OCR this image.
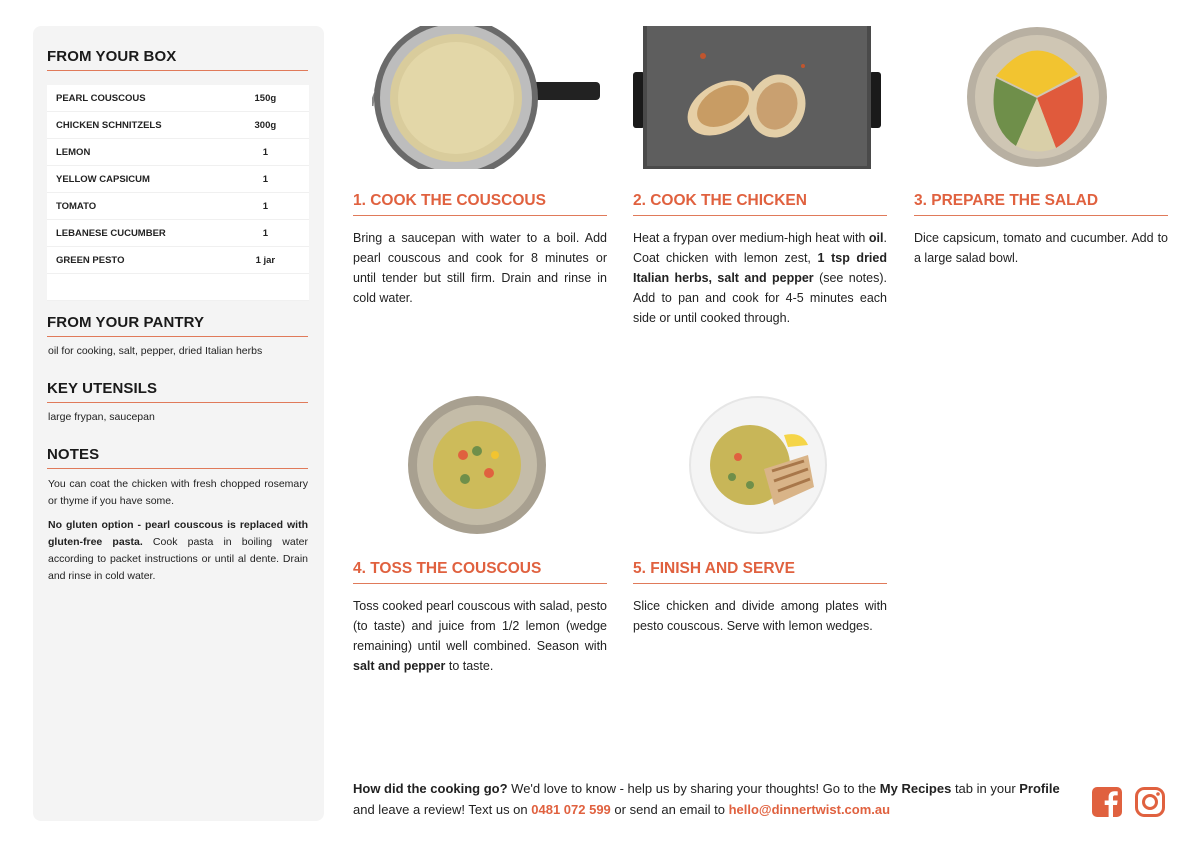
FROM YOUR BOX
PEARL COUSCOUS	150g
CHICKEN SCHNITZELS	300g
LEMON	1
YELLOW CAPSICUM	1
TOMATO	1
LEBANESE CUCUMBER	1
GREEN PESTO	1 jar

FROM YOUR PANTRY
oil for cooking, salt, pepper, dried Italian herbs
KEY UTENSILS
large frypan, saucepan
NOTES

You can coat the chicken with fresh chopped rosemary or thyme if you have some.

No gluten option - pearl couscous is replaced with gluten-free pasta. Cook pasta in boiling water according to packet instructions or until al dente. Drain and rinse in cold water.

1. COOK THE COUSCOUS

Bring a saucepan with water to a boil. Add pearl couscous and cook for 8 minutes or until tender but still firm. Drain and rinse in cold water.

2. COOK THE CHICKEN

Heat a frypan over medium-high heat with oil. Coat chicken with lemon zest, 1 tsp dried Italian herbs, salt and pepper (see notes). Add to pan and cook for 4-5 minutes each side or until cooked through.

3. PREPARE THE SALAD

Dice capsicum, tomato and cucumber. Add to a large salad bowl.

4. TOSS THE COUSCOUS

Toss cooked pearl couscous with salad, pesto (to taste) and juice from 1/2 lemon (wedge remaining) until well combined. Season with salt and pepper to taste.

5. FINISH AND SERVE

Slice chicken and divide among plates with pesto couscous. Serve with lemon wedges.

How did the cooking go? We'd love to know - help us by sharing your thoughts! Go to the My Recipes tab in your Profile and leave a review! Text us on 0481 072 599 or send an email to hello@dinnertwist.com.au
